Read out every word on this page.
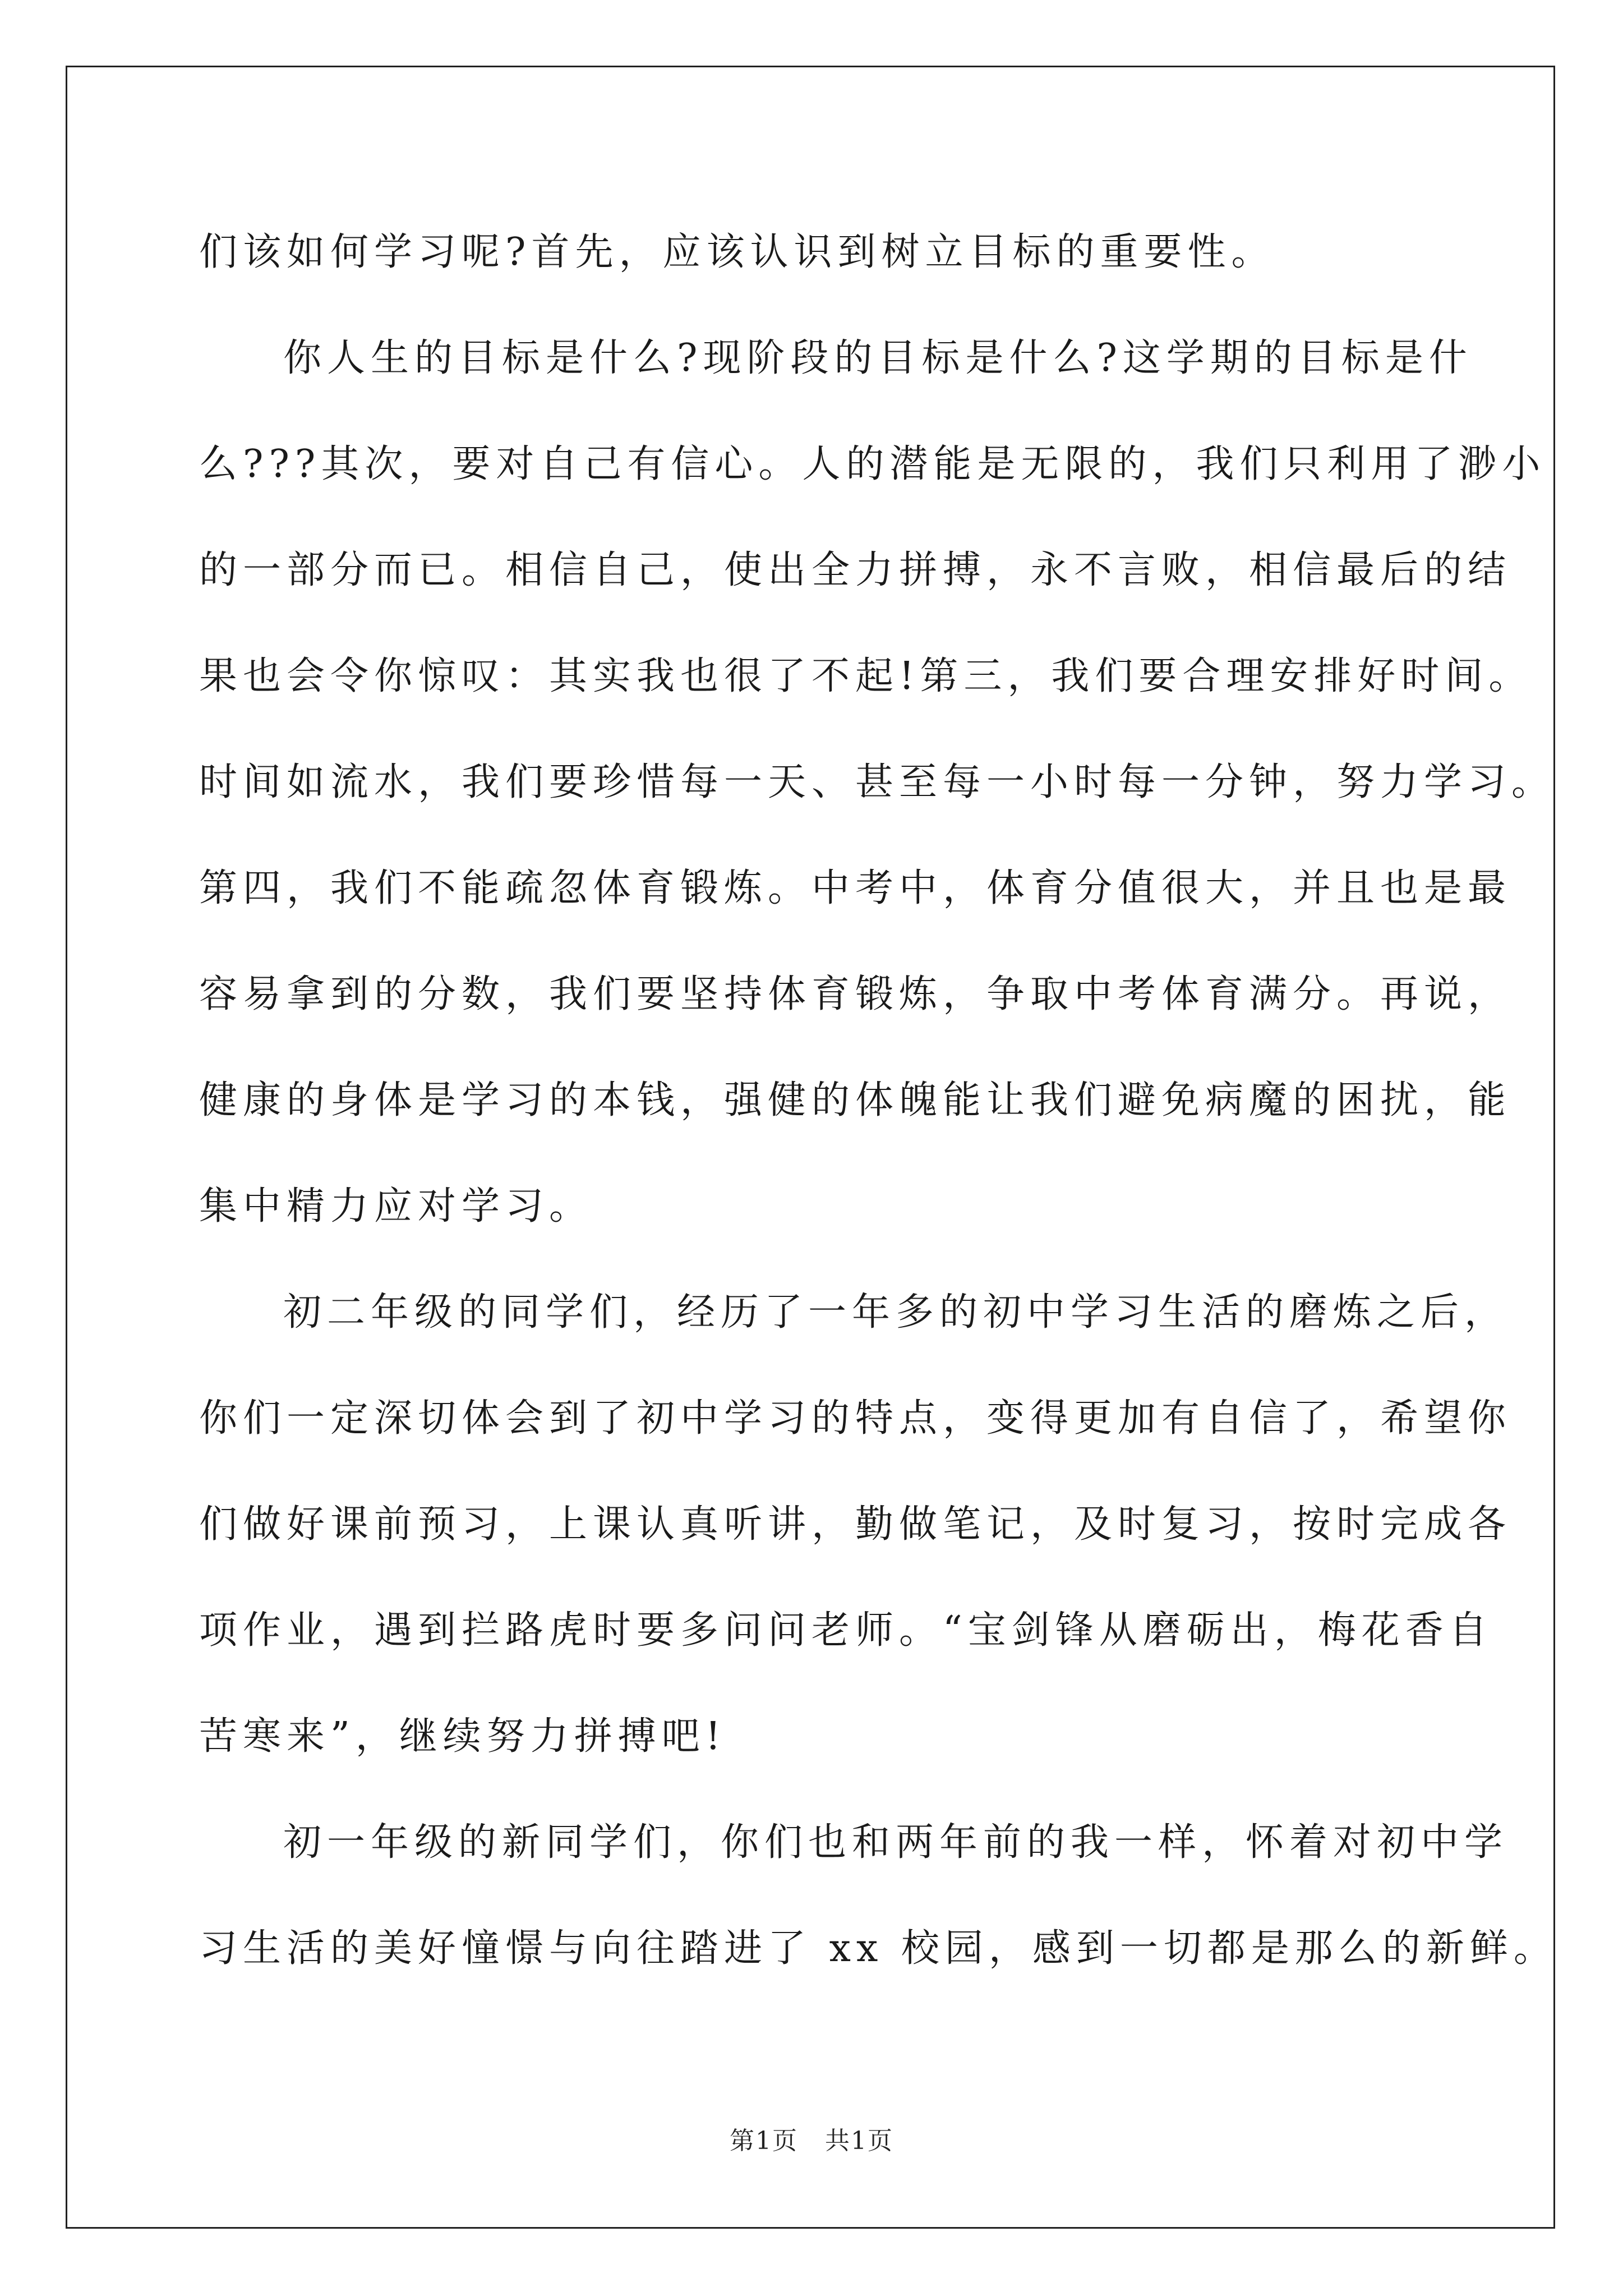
们该如何学习呢?首先，应该认识到树立目标的重要性。
你人生的目标是什么?现阶段的目标是什么?这学期的目标是什
么???其次，要对自己有信心。人的潜能是无限的，我们只利用了渺小
的一部分而已。相信自己，使出全力拼搏，永不言败，相信最后的结
果也会令你惊叹：其实我也很了不起!第三，我们要合理安排好时间。
时间如流水，我们要珍惜每一天、甚至每一小时每一分钟，努力学习。
第四，我们不能疏忽体育锻炼。中考中，体育分值很大，并且也是最
容易拿到的分数，我们要坚持体育锻炼，争取中考体育满分。再说，
健康的身体是学习的本钱，强健的体魄能让我们避免病魔的困扰，能
集中精力应对学习。
初二年级的同学们，经历了一年多的初中学习生活的磨炼之后，
你们一定深切体会到了初中学习的特点，变得更加有自信了，希望你
们做好课前预习，上课认真听讲，勤做笔记，及时复习，按时完成各
项作业，遇到拦路虎时要多问问老师。“宝剑锋从磨砺出，梅花香自
苦寒来”，继续努力拼搏吧!
初一年级的新同学们，你们也和两年前的我一样，怀着对初中学
习生活的美好憧憬与向往踏进了 xx 校园，感到一切都是那么的新鲜。
第1页   共1页
